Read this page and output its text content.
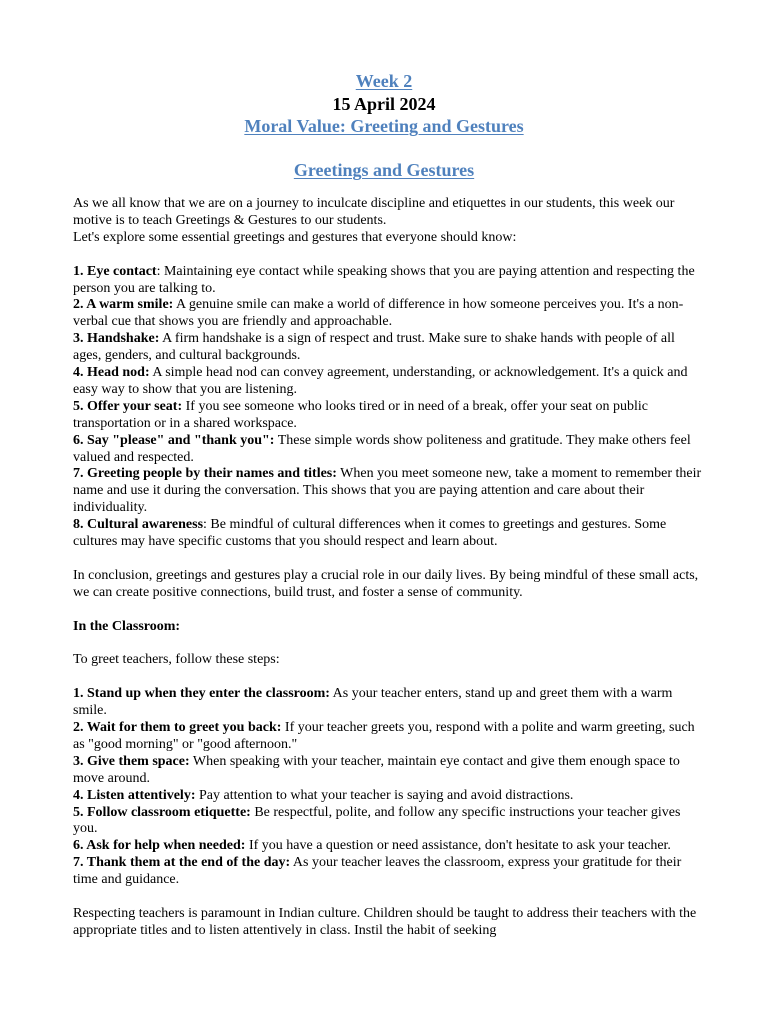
Week 2
15 April 2024
Moral Value: Greeting and Gestures
Greetings and Gestures

As we all know that we are on a journey to inculcate discipline and etiquettes in our students, this week our motive is to teach Greetings & Gestures to our students.

Let's explore some essential greetings and gestures that everyone should know:

1. Eye contact: Maintaining eye contact while speaking shows that you are paying attention and respecting the person you are talking to.

2. A warm smile: A genuine smile can make a world of difference in how someone perceives you. It's a non-verbal cue that shows you are friendly and approachable.

3. Handshake: A firm handshake is a sign of respect and trust. Make sure to shake hands with people of all ages, genders, and cultural backgrounds.

4. Head nod: A simple head nod can convey agreement, understanding, or acknowledgement. It's a quick and easy way to show that you are listening.

5. Offer your seat: If you see someone who looks tired or in need of a break, offer your seat on public transportation or in a shared workspace.

6. Say "please" and "thank you": These simple words show politeness and gratitude. They make others feel valued and respected.

7. Greeting people by their names and titles: When you meet someone new, take a moment to remember their name and use it during the conversation. This shows that you are paying attention and care about their individuality.

8. Cultural awareness: Be mindful of cultural differences when it comes to greetings and gestures. Some cultures may have specific customs that you should respect and learn about.

In conclusion, greetings and gestures play a crucial role in our daily lives. By being mindful of these small acts, we can create positive connections, build trust, and foster a sense of community.

In the Classroom:

To greet teachers, follow these steps:

1. Stand up when they enter the classroom: As your teacher enters, stand up and greet them with a warm smile.

2. Wait for them to greet you back: If your teacher greets you, respond with a polite and warm greeting, such as "good morning" or "good afternoon."

3. Give them space: When speaking with your teacher, maintain eye contact and give them enough space to move around.

4. Listen attentively: Pay attention to what your teacher is saying and avoid distractions.

5. Follow classroom etiquette: Be respectful, polite, and follow any specific instructions your teacher gives you.

6. Ask for help when needed: If you have a question or need assistance, don't hesitate to ask your teacher.

7. Thank them at the end of the day: As your teacher leaves the classroom, express your gratitude for their time and guidance.

Respecting teachers is paramount in Indian culture. Children should be taught to address their teachers with the appropriate titles and to listen attentively in class. Instil the habit of seeking
